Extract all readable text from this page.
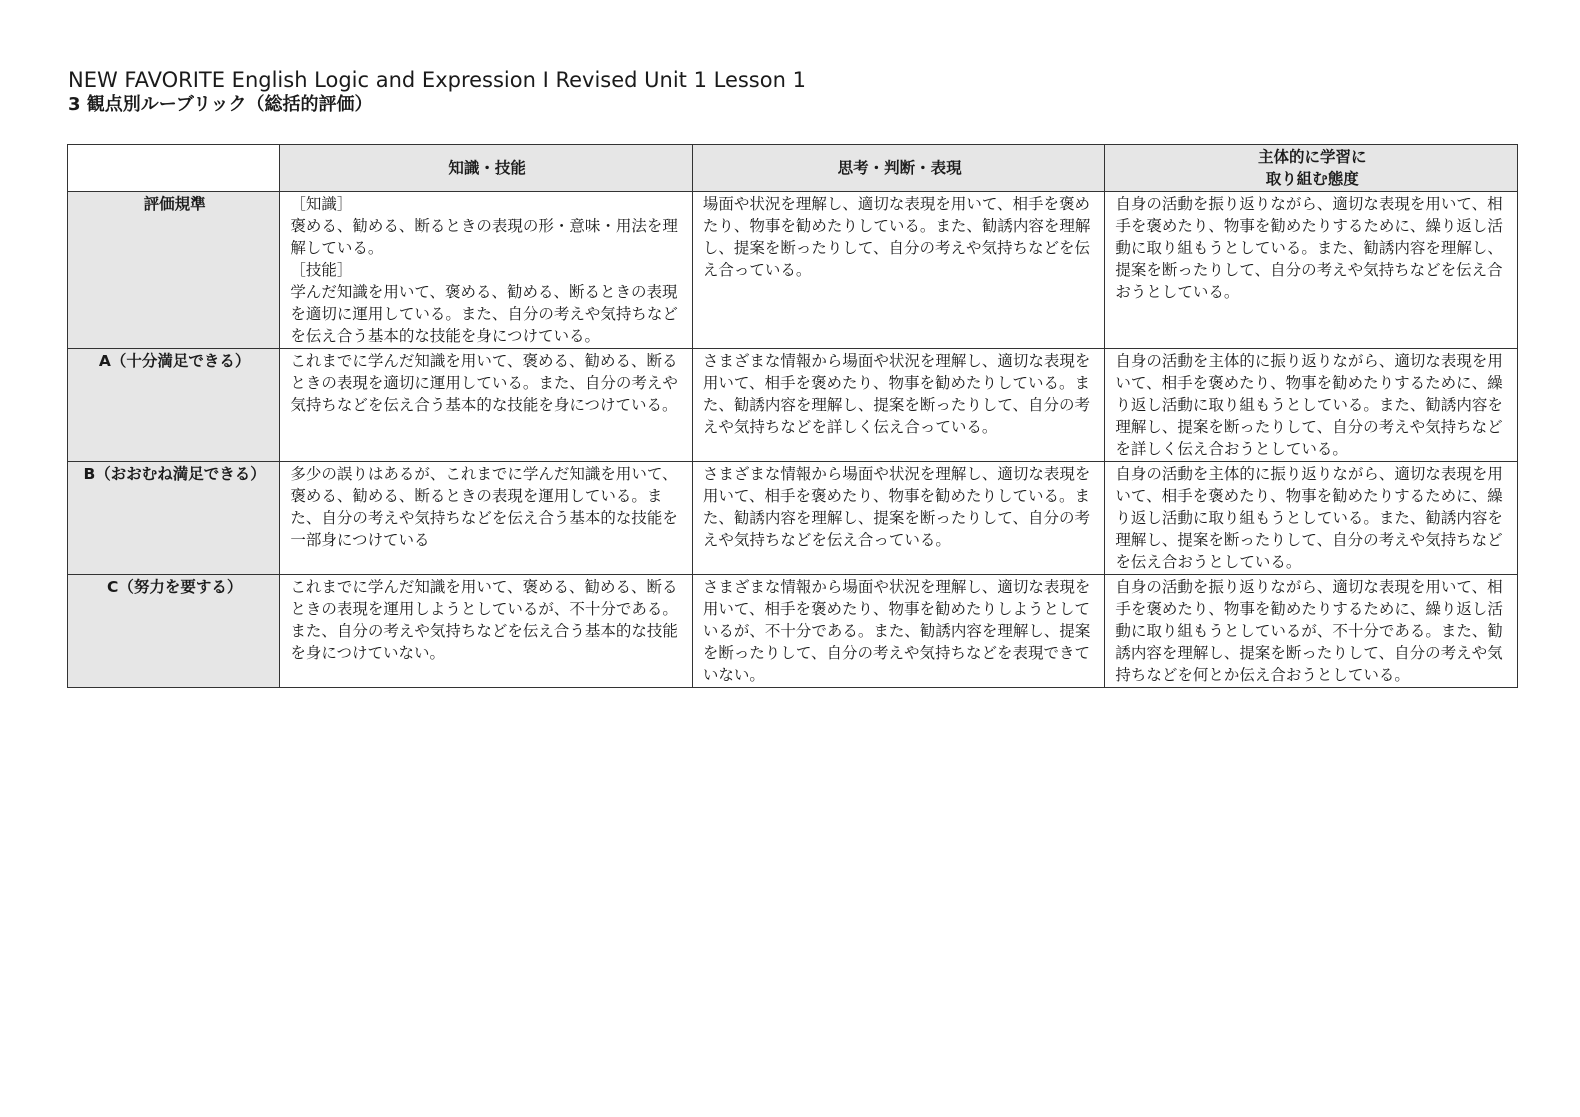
NEW FAVORITE English Logic and Expression I Revised Unit 1 Lesson 1
3 観点別ルーブリック（総括的評価）
	知識・技能	思考・判断・表現	主体的に学習に
取り組む態度

評価規準	［知識］
褒める、勧める、断るときの表現の形・意味・用法を理解している。
［技能］
学んだ知識を用いて、褒める、勧める、断るときの表現を適切に運用している。また、自分の考えや気持ちなどを伝え合う基本的な技能を身につけている。	場面や状況を理解し、適切な表現を用いて、相手を褒めたり、物事を勧めたりしている。また、勧誘内容を理解し、提案を断ったりして、自分の考えや気持ちなどを伝え合っている。	自身の活動を振り返りながら、適切な表現を用いて、相手を褒めたり、物事を勧めたりするために、繰り返し活動に取り組もうとしている。また、勧誘内容を理解し、提案を断ったりして、自分の考えや気持ちなどを伝え合おうとしている。
A（十分満足できる）	これまでに学んだ知識を用いて、褒める、勧める、断るときの表現を適切に運用している。また、自分の考えや気持ちなどを伝え合う基本的な技能を身につけている。	さまざまな情報から場面や状況を理解し、適切な表現を用いて、相手を褒めたり、物事を勧めたりしている。また、勧誘内容を理解し、提案を断ったりして、自分の考えや気持ちなどを詳しく伝え合っている。	自身の活動を主体的に振り返りながら、適切な表現を用いて、相手を褒めたり、物事を勧めたりするために、繰り返し活動に取り組もうとしている。また、勧誘内容を理解し、提案を断ったりして、自分の考えや気持ちなどを詳しく伝え合おうとしている。
B（おおむね満足できる）	多少の誤りはあるが、これまでに学んだ知識を用いて、褒める、勧める、断るときの表現を運用している。また、自分の考えや気持ちなどを伝え合う基本的な技能を一部身につけている	さまざまな情報から場面や状況を理解し、適切な表現を用いて、相手を褒めたり、物事を勧めたりしている。また、勧誘内容を理解し、提案を断ったりして、自分の考えや気持ちなどを伝え合っている。	自身の活動を主体的に振り返りながら、適切な表現を用いて、相手を褒めたり、物事を勧めたりするために、繰り返し活動に取り組もうとしている。また、勧誘内容を理解し、提案を断ったりして、自分の考えや気持ちなどを伝え合おうとしている。
C（努力を要する）	これまでに学んだ知識を用いて、褒める、勧める、断るときの表現を運用しようとしているが、不十分である。また、自分の考えや気持ちなどを伝え合う基本的な技能を身につけていない。	さまざまな情報から場面や状況を理解し、適切な表現を用いて、相手を褒めたり、物事を勧めたりしようとしているが、不十分である。また、勧誘内容を理解し、提案を断ったりして、自分の考えや気持ちなどを表現できていない。	自身の活動を振り返りながら、適切な表現を用いて、相手を褒めたり、物事を勧めたりするために、繰り返し活動に取り組もうとしているが、不十分である。また、勧誘内容を理解し、提案を断ったりして、自分の考えや気持ちなどを何とか伝え合おうとしている。
